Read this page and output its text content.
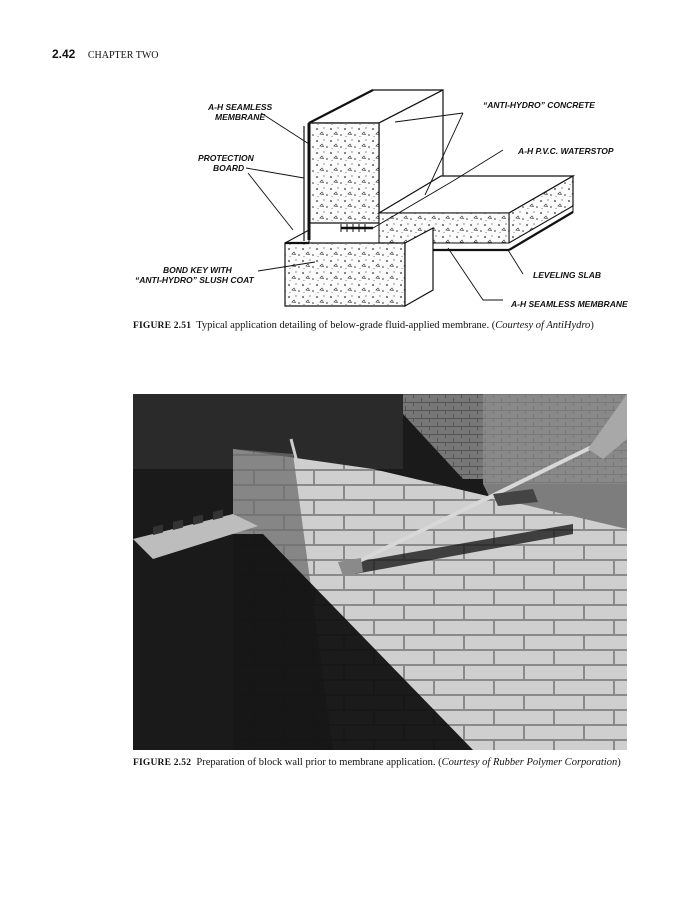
2.42 CHAPTER TWO
A-H SEAMLESS
MEMBRANE
“ANTI-HYDRO” CONCRETE
A-H P.V.C. WATERSTOP
PROTECTION
BOARD
BOND KEY WITH
“ANTI-HYDRO” SLUSH COAT	LEVELING SLAB
A-H SEAMLESS MEMBRANE
FIGURE 2.51 Typical application detailing of below-grade fluid-applied membrane. (Courtesy of AntiHydro)
FIGURE 2.52 Preparation of block wall prior to membrane application. (Courtesy of Rubber Polymer Corporation)
